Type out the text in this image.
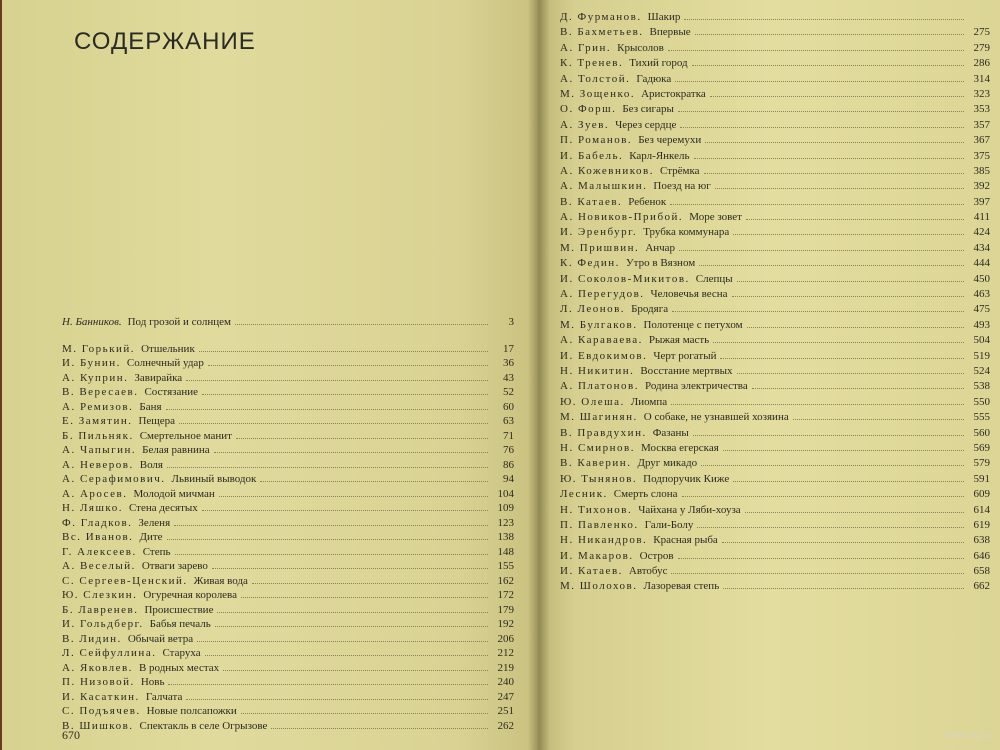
СОДЕРЖАНИЕ
Н. Банников. Под грозой и солнцем	3
М. Горький. Отшельник	17
И. Бунин. Солнечный удар	36
А. Куприн. Завирайка	43
В. Вересаев. Состязание	52
А. Ремизов. Баня	60
Е. Замятин. Пещера	63
Б. Пильняк. Смертельное манит	71
А. Чапыгин. Белая равнина	76
А. Неверов. Воля	86
А. Серафимович. Львиный выводок	94
А. Аросев. Молодой мичман	104
Н. Ляшко. Стена десятых	109
Ф. Гладков. Зеленя	123
Вс. Иванов. Дите	138
Г. Алексеев. Степь	148
А. Веселый. Отваги зарево	155
С. Сергеев-Ценский. Живая вода	162
Ю. Слезкин. Огуречная королева	172
Б. Лавренев. Происшествие	179
И. Гольдберг. Бабья печаль	192
В. Лидин. Обычай ветра	206
Л. Сейфуллина. Старуха	212
А. Яковлев. В родных местах	219
П. Низовой. Новь	240
И. Касаткин. Галчата	247
С. Подъячев. Новые полсапожки	251
В. Шишков. Спектакль в селе Огрызове	262
Д. Фурманов. Шакир
В. Бахметьев. Впервые	275
А. Грин. Крысолов	279
К. Тренев. Тихий город	286
А. Толстой. Гадюка	314
М. Зощенко. Аристократка	323
О. Форш. Без сигары	353
А. Зуев. Через сердце	357
П. Романов. Без черемухи	367
И. Бабель. Карл-Янкель	375
А. Кожевников. Стрёмка	385
А. Малышкин. Поезд на юг	392
В. Катаев. Ребенок	397
А. Новиков-Прибой. Море зовет	411
И. Эренбург. Трубка коммунара	424
М. Пришвин. Анчар	434
К. Федин. Утро в Вязном	444
И. Соколов-Микитов. Слепцы	450
А. Перегудов. Человечья весна	463
Л. Леонов. Бродяга	475
М. Булгаков. Полотенце с петухом	493
А. Караваева. Рыжая масть	504
И. Евдокимов. Черт рогатый	519
Н. Никитин. Восстание мертвых	524
А. Платонов. Родина электричества	538
Ю. Олеша. Лиомпа	550
М. Шагинян. О собаке, не узнавшей хозяина	555
В. Правдухин. Фазаны	560
Н. Смирнов. Москва егерская	569
В. Каверин. Друг микадо	579
Ю. Тынянов. Подпоручик Киже	591
Лесник. Смерть слона	609
Н. Тихонов. Чайхана у Ляби-хоуза	614
П. Павленко. Гали-Болу	619
Н. Никандров. Красная рыба	638
И. Макаров. Остров	646
И. Катаев. Автобус	658
М. Шолохов. Лазоревая степь	662
670	www.ay.by
